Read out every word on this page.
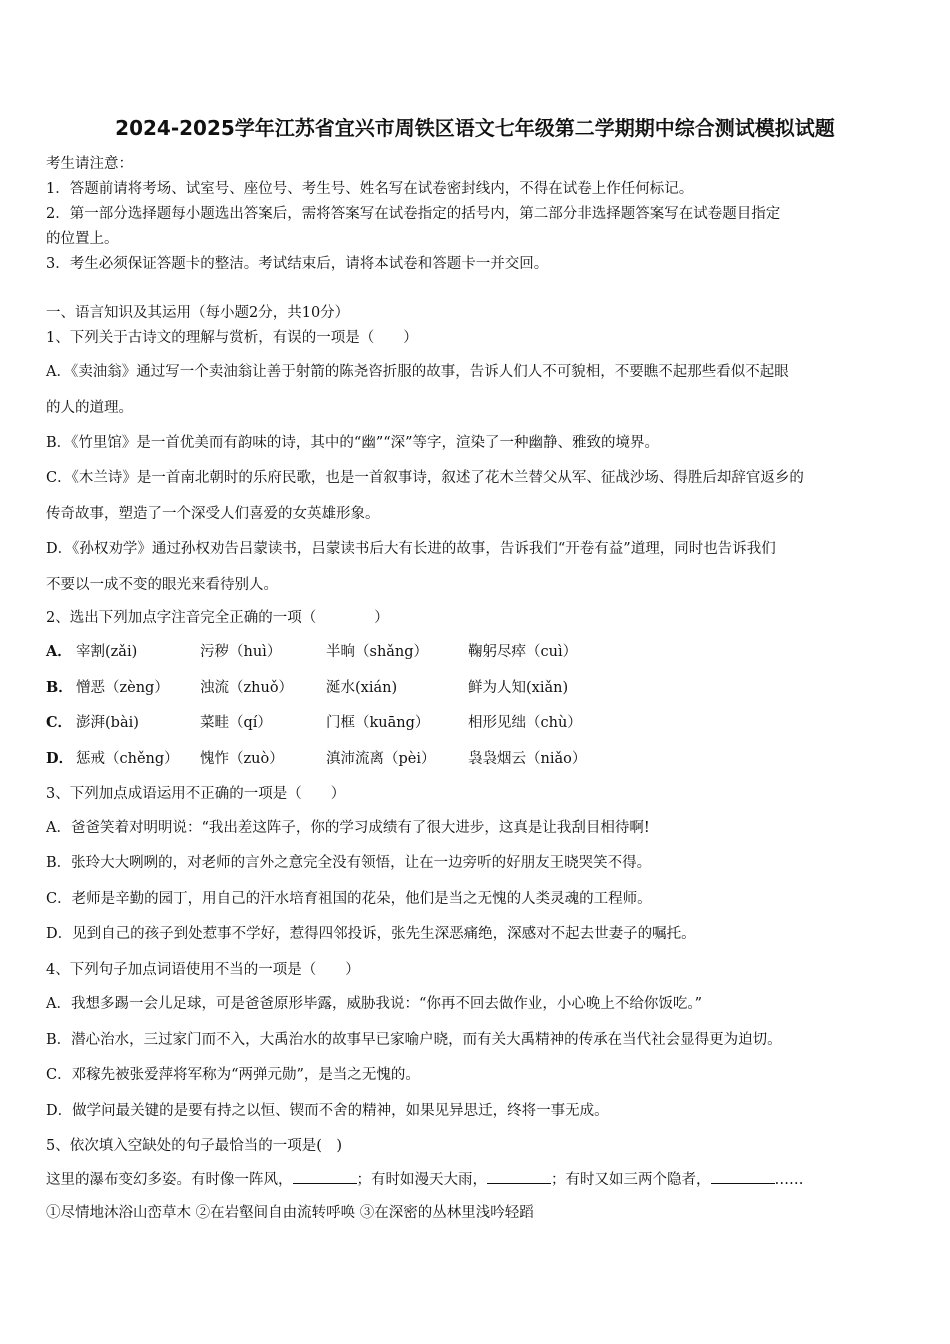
2024-2025学年江苏省宜兴市周铁区语文七年级第二学期期中综合测试模拟试题
考生请注意：
1．答题前请将考场、试室号、座位号、考生号、姓名写在试卷密封线内，不得在试卷上作任何标记。
2．第一部分选择题每小题选出答案后，需将答案写在试卷指定的括号内，第二部分非选择题答案写在试卷题目指定
的位置上。
3．考生必须保证答题卡的整洁。考试结束后，请将本试卷和答题卡一并交回。
一、语言知识及其运用（每小题2分，共10分）
1、下列关于古诗文的理解与赏析，有误的一项是（　　）
A．《卖油翁》通过写一个卖油翁让善于射箭的陈尧咨折服的故事，告诉人们人不可貌相，不要瞧不起那些看似不起眼
的人的道理。
B．《竹里馆》是一首优美而有韵味的诗，其中的“幽”“深”等字，渲染了一种幽静、雅致的境界。
C．《木兰诗》是一首南北朝时的乐府民歌，也是一首叙事诗，叙述了花木兰替父从军、征战沙场、得胜后却辞官返乡的
传奇故事，塑造了一个深受人们喜爱的女英雄形象。
D．《孙权劝学》通过孙权劝告吕蒙读书，吕蒙读书后大有长进的故事，告诉我们“开卷有益”道理，同时也告诉我们
不要以一成不变的眼光来看待别人。
2、选出下列加点字注音完全正确的一项（　　　　）
A． 宰割(zǎi)	污秽（huì）	半晌（shǎng）	鞠躬尽瘁（cuì）
B． 憎恶（zèng） 浊流（zhuǒ） 涎水(xián)	鲜为人知(xiǎn)
C． 澎湃(bài)	菜畦（qí）	门框（kuāng）	相形见绌（chù）
D． 惩戒（chěng） 愧怍（zuò）	滇沛流离（pèi） 袅袅烟云（niǎo）
3、下列加点成语运用不正确的一项是（　　）
A．爸爸笑着对明明说：“我出差这阵子，你的学习成绩有了很大进步，这真是让我刮目相待啊!
B．张玲大大咧咧的，对老师的言外之意完全没有领悟，让在一边旁听的好朋友王晓哭笑不得。
C．老师是辛勤的园丁，用自己的汗水培育祖国的花朵，他们是当之无愧的人类灵魂的工程师。
D．见到自己的孩子到处惹事不学好，惹得四邻投诉，张先生深恶痛绝，深感对不起去世妻子的嘱托。
4、下列句子加点词语使用不当的一项是（　　）
A．我想多踢一会儿足球，可是爸爸原形毕露，威胁我说：“你再不回去做作业，小心晚上不给你饭吃。”
B．潜心治水，三过家门而不入，大禹治水的故事早已家喻户晓，而有关大禹精神的传承在当代社会显得更为迫切。
C．邓稼先被张爱萍将军称为“两弹元勋”，是当之无愧的。
D．做学问最关键的是要有持之以恒、锲而不舍的精神，如果见异思迁，终将一事无成。
5、依次填入空缺处的句子最恰当的一项是(　)
这里的瀑布变幻多姿。有时像一阵风，	；有时如漫天大雨，	；有时又如三两个隐者，	……
①尽情地沐浴山峦草木 ②在岩壑间自由流转呼唤 ③在深密的丛林里浅吟轻蹈
